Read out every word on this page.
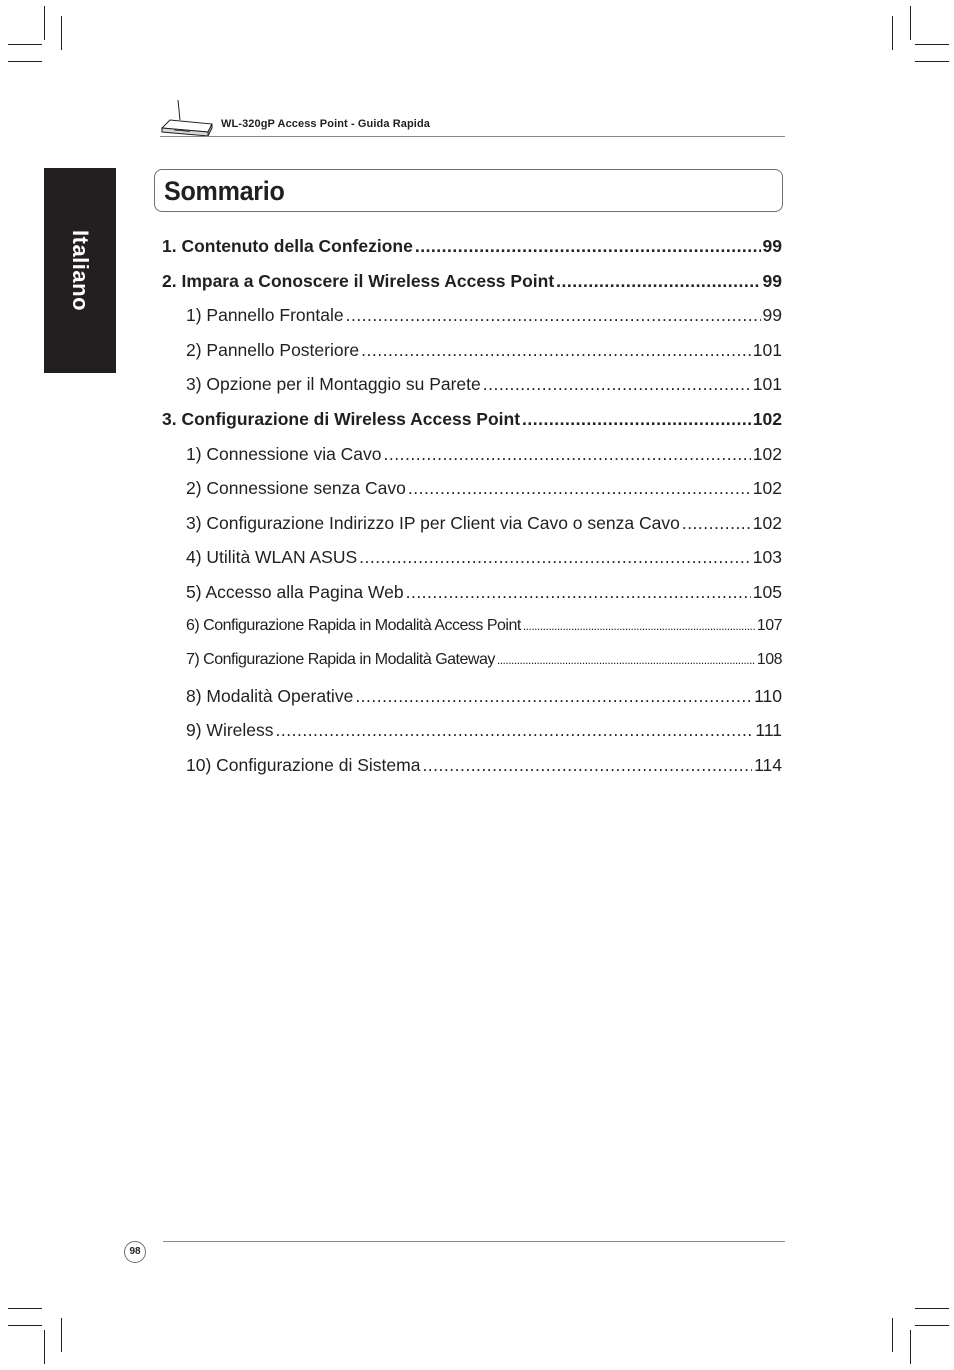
WL-320gP Access Point - Guida Rapida
Italiano
Sommario
1. Contenuto della Confezione .....	99
2. Impara a Conoscere il Wireless Access Point .....	99
1) Pannello Frontale .....	99
2) Pannello Posteriore .....	101
3) Opzione per il Montaggio su Parete .....	101
3. Configurazione di Wireless Access Point .....	102
1) Connessione via Cavo .....	102
2) Connessione senza Cavo .....	102
3) Configurazione Indirizzo IP per Client via Cavo o senza Cavo .....	102
4) Utilità WLAN ASUS .....	103
5) Accesso alla Pagina Web .....	105
6) Configurazione Rapida in Modalità Access Point .....	107
7) Configurazione Rapida in Modalità Gateway .....	108
8) Modalità Operative .....	110
9) Wireless .....	111
10) Configurazione di Sistema .....	114
98
